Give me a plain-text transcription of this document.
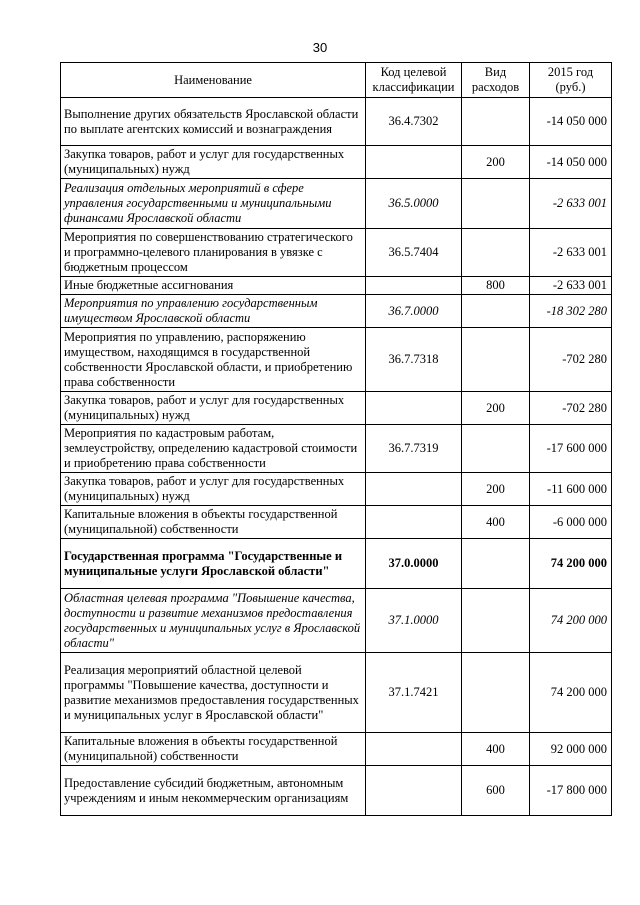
30
Наименование	Код целевой классификации	Вид расходов	2015 год (руб.)
Выполнение других обязательств Ярославской области по выплате агентских комиссий и вознаграждения	36.4.7302		-14 050 000
Закупка товаров, работ и услуг для государственных (муниципальных) нужд		200	-14 050 000
Реализация отдельных мероприятий в сфере управления государственными и муниципальными финансами Ярославской области	36.5.0000		-2 633 001
Мероприятия по совершенствованию стратегического и программно-целевого планирования в увязке с бюджетным процессом	36.5.7404		-2 633 001
Иные бюджетные ассигнования		800	-2 633 001
Мероприятия по управлению государственным имуществом Ярославской области	36.7.0000		-18 302 280
Мероприятия по управлению, распоряжению имуществом, находящимся в государственной собственности Ярославской области, и приобретению права собственности	36.7.7318		-702 280
Закупка товаров, работ и услуг для государственных (муниципальных) нужд		200	-702 280
Мероприятия по кадастровым работам, землеустройству, определению кадастровой стоимости и приобретению права собственности	36.7.7319		-17 600 000
Закупка товаров, работ и услуг для государственных (муниципальных) нужд		200	-11 600 000
Капитальные вложения в объекты государственной (муниципальной) собственности		400	-6 000 000
Государственная программа "Государственные и муниципальные услуги Ярославской области"	37.0.0000		74 200 000
Областная целевая программа "Повышение качества, доступности и развитие механизмов предоставления государственных и муниципальных услуг в Ярославской области"	37.1.0000		74 200 000
Реализация мероприятий областной целевой программы "Повышение качества, доступности и развитие механизмов предоставления государственных и муниципальных услуг в Ярославской области"	37.1.7421		74 200 000
Капитальные вложения в объекты государственной (муниципальной) собственности		400	92 000 000
Предоставление субсидий бюджетным, автономным учреждениям и иным некоммерческим организациям		600	-17 800 000
